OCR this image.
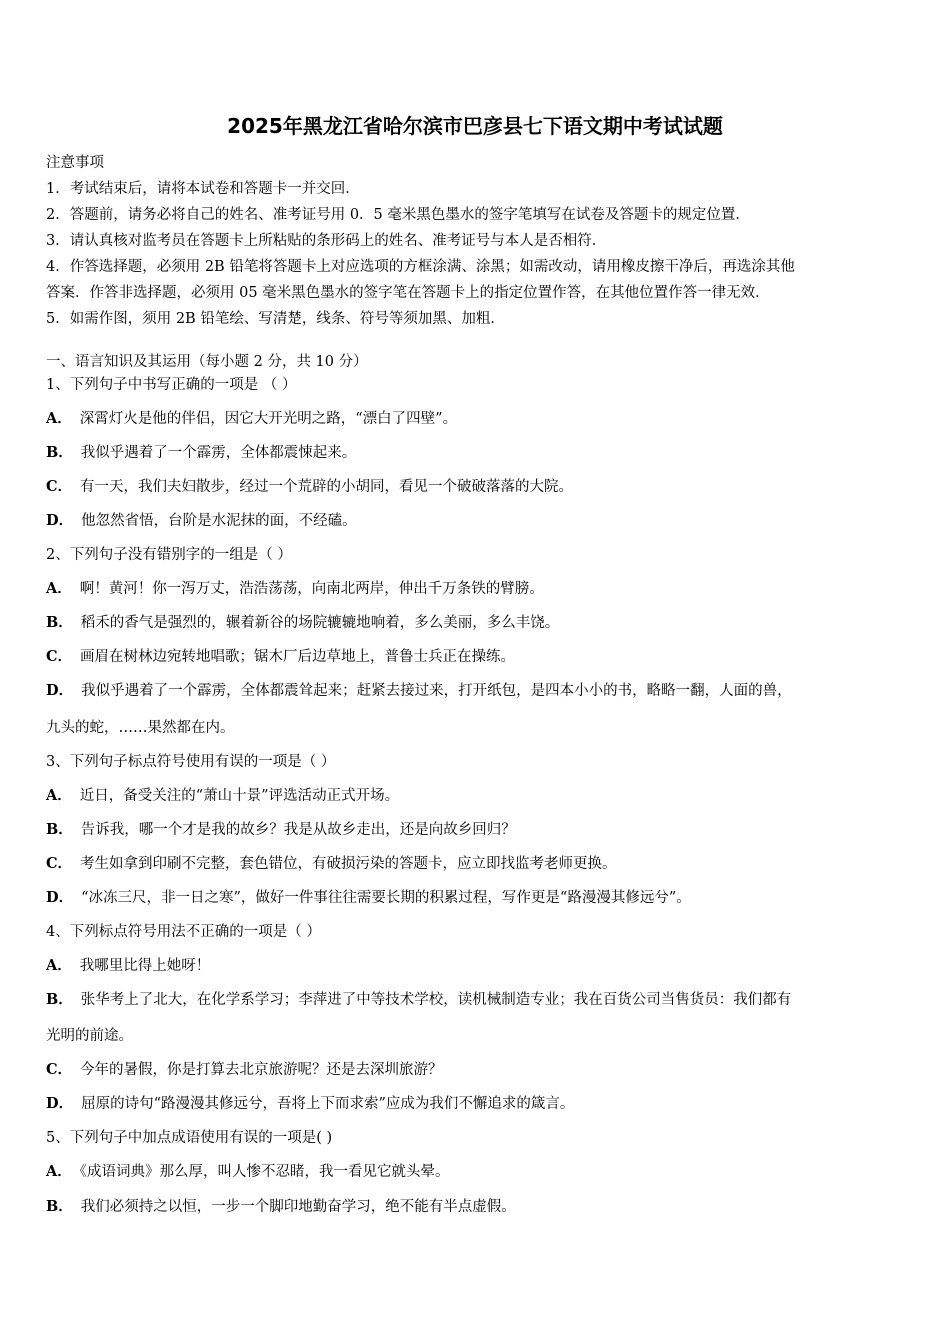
2025年黑龙江省哈尔滨市巴彦县七下语文期中考试试题
注意事项
1．考试结束后，请将本试卷和答题卡一并交回．
2．答题前，请务必将自己的姓名、准考证号用 0．5 毫米黑色墨水的签字笔填写在试卷及答题卡的规定位置．
3．请认真核对监考员在答题卡上所粘贴的条形码上的姓名、准考证号与本人是否相符．
4．作答选择题，必须用 2B 铅笔将答题卡上对应选项的方框涂满、涂黑；如需改动，请用橡皮擦干净后，再选涂其他
答案．作答非选择题，必须用 05 毫米黑色墨水的签字笔在答题卡上的指定位置作答，在其他位置作答一律无效．
5．如需作图，须用 2B 铅笔绘、写清楚，线条、符号等须加黑、加粗．
一、语言知识及其运用（每小题 2 分，共 10 分）
1、下列句子中书写正确的一项是 （ ）
A． 深霄灯火是他的伴侣，因它大开光明之路，“漂白了四壁”。
B． 我似乎遇着了一个霹雳，全体都震悚起来。
C． 有一天，我们夫妇散步，经过一个荒辟的小胡同，看见一个破破落落的大院。
D． 他忽然省悟，台阶是水泥抹的面，不经磕。
2、下列句子没有错别字的一组是（ ）
A． 啊！黄河！你一泻万丈，浩浩荡荡，向南北两岸，伸出千万条铁的臂膀。
B． 稻禾的香气是强烈的，辗着新谷的场院辘辘地响着，多么美丽，多么丰饶。
C． 画眉在树林边宛转地唱歌；锯木厂后边草地上，普鲁士兵正在操练。
D． 我似乎遇着了一个霹雳，全体都震耸起来；赶紧去接过来，打开纸包，是四本小小的书，略略一翻，人面的兽，
九头的蛇，……果然都在内。
3、下列句子标点符号使用有误的一项是（ ）
A． 近日，备受关注的“萧山十景”评选活动正式开场。
B． 告诉我，哪一个才是我的故乡？我是从故乡走出，还是向故乡回归？
C． 考生如拿到印刷不完整，套色错位，有破损污染的答题卡，应立即找监考老师更换。
D． “冰冻三尺，非一日之寒”，做好一件事往往需要长期的积累过程，写作更是“路漫漫其修远兮”。
4、下列标点符号用法不正确的一项是（ ）
A． 我哪里比得上她呀！
B． 张华考上了北大，在化学系学习；李萍进了中等技术学校，读机械制造专业；我在百货公司当售货员：我们都有
光明的前途。
C． 今年的暑假，你是打算去北京旅游呢？还是去深圳旅游？
D． 屈原的诗句“路漫漫其修远兮，吾将上下而求索”应成为我们不懈追求的箴言。
5、下列句子中加点成语使用有误的一项是( )
A． 《成语词典》那么厚，叫人惨不忍睹，我一看见它就头晕。
B． 我们必须持之以恒，一步一个脚印地勤奋学习，绝不能有半点虚假。
